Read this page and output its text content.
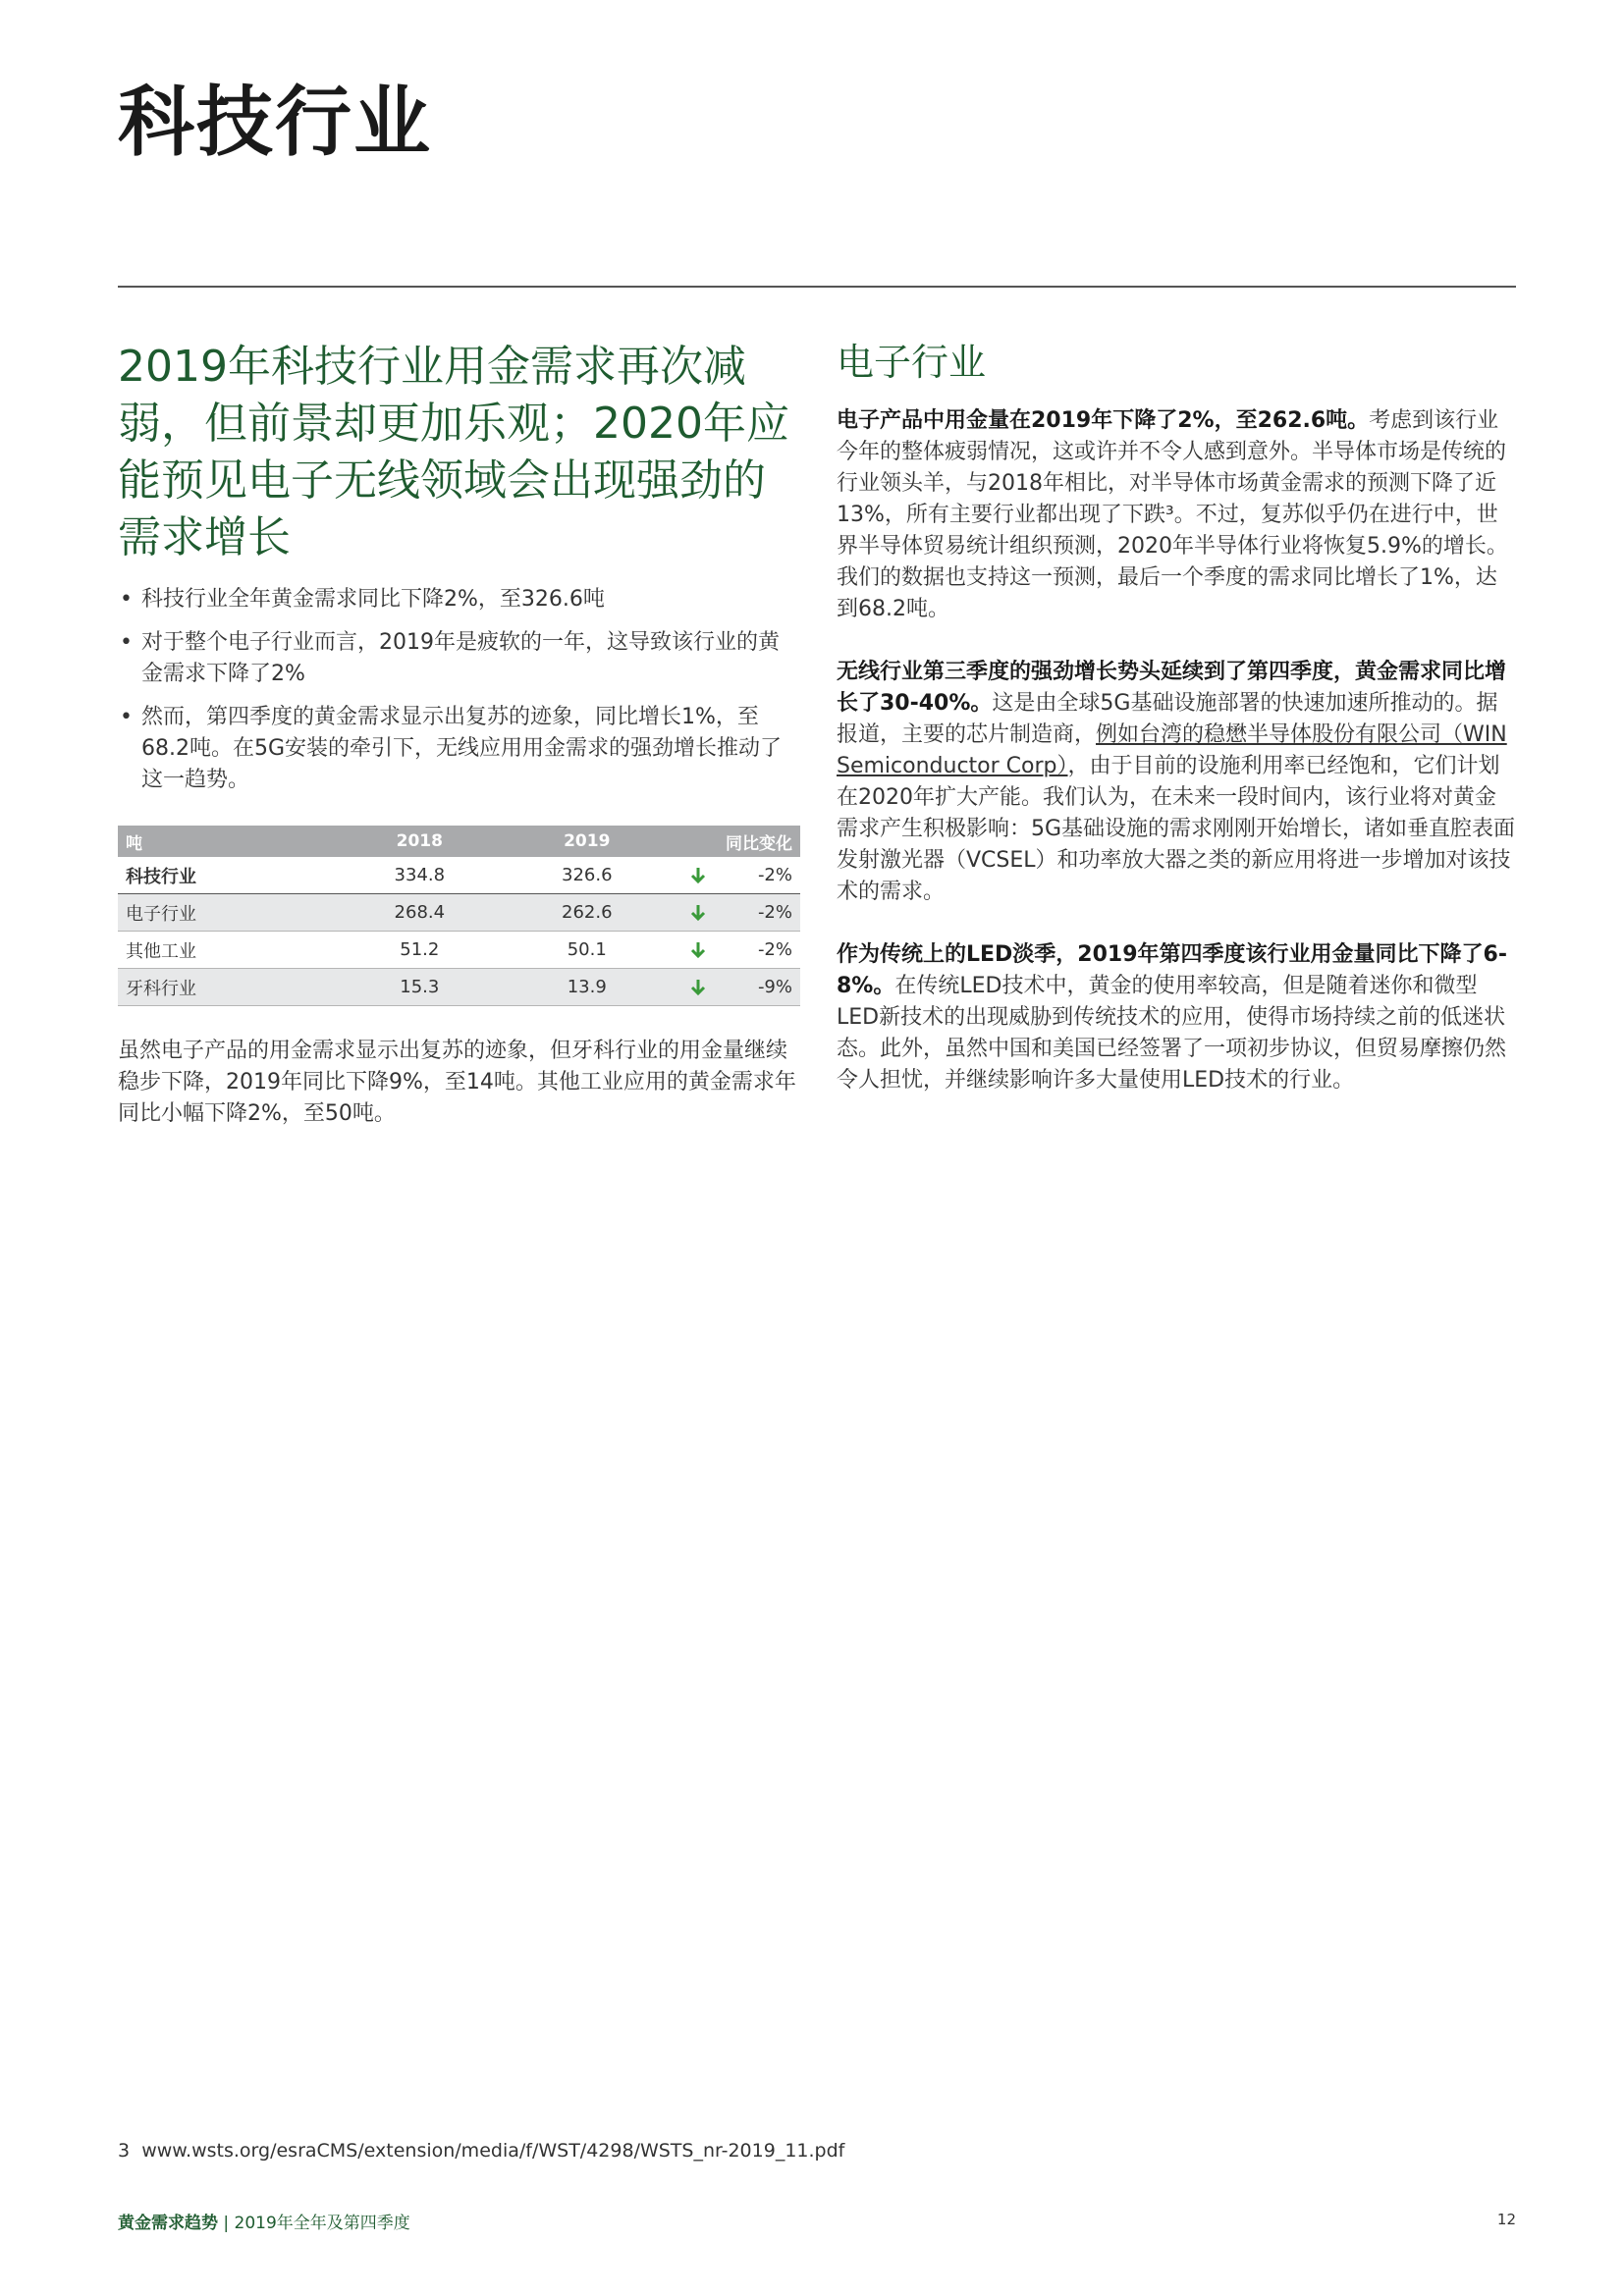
科技行业
2019年科技行业用金需求再次减弱，但前景却更加乐观；2020年应能预见电子无线领域会出现强劲的需求增长
• 科技行业全年黄金需求同比下降2%，至326.6吨
• 对于整个电子行业而言，2019年是疲软的一年，这导致该行业的黄金需求下降了2%
• 然而，第四季度的黄金需求显示出复苏的迹象，同比增长1%，至68.2吨。在5G安装的牵引下，无线应用用金需求的强劲增长推动了这一趋势。
吨	2018	2019	同比变化	
科技行业	334.8	326.6		-2%
电子行业	268.4	262.6		-2%
其他工业	51.2	50.1		-2%
牙科行业	15.3	13.9		-9%

虽然电子产品的用金需求显示出复苏的迹象，但牙科行业的用金量继续稳步下降，2019年同比下降9%，至14吨。其他工业应用的黄金需求年同比小幅下降2%，至50吨。

电子行业

电子产品中用金量在2019年下降了2%，至262.6吨。考虑到该行业今年的整体疲弱情况，这或许并不令人感到意外。半导体市场是传统的行业领头羊，与2018年相比，对半导体市场黄金需求的预测下降了近13%，所有主要行业都出现了下跌³。不过，复苏似乎仍在进行中，世界半导体贸易统计组织预测，2020年半导体行业将恢复5.9%的增长。我们的数据也支持这一预测，最后一个季度的需求同比增长了1%，达到68.2吨。

无线行业第三季度的强劲增长势头延续到了第四季度，黄金需求同比增长了30-40%。这是由全球5G基础设施部署的快速加速所推动的。据报道，主要的芯片制造商，例如台湾的稳懋半导体股份有限公司（WIN Semiconductor Corp），由于目前的设施利用率已经饱和，它们计划在2020年扩大产能。我们认为，在未来一段时间内，该行业将对黄金需求产生积极影响：5G基础设施的需求刚刚开始增长，诸如垂直腔表面发射激光器（VCSEL）和功率放大器之类的新应用将进一步增加对该技术的需求。

作为传统上的LED淡季，2019年第四季度该行业用金量同比下降了6-8%。在传统LED技术中，黄金的使用率较高，但是随着迷你和微型LED新技术的出现威胁到传统技术的应用，使得市场持续之前的低迷状态。此外，虽然中国和美国已经签署了一项初步协议，但贸易摩擦仍然令人担忧，并继续影响许多大量使用LED技术的行业。

3 www.wsts.org/esraCMS/extension/media/f/WST/4298/WSTS_nr-2019_11.pdf
黄金需求趋势 | 2019年全年及第四季度	12
